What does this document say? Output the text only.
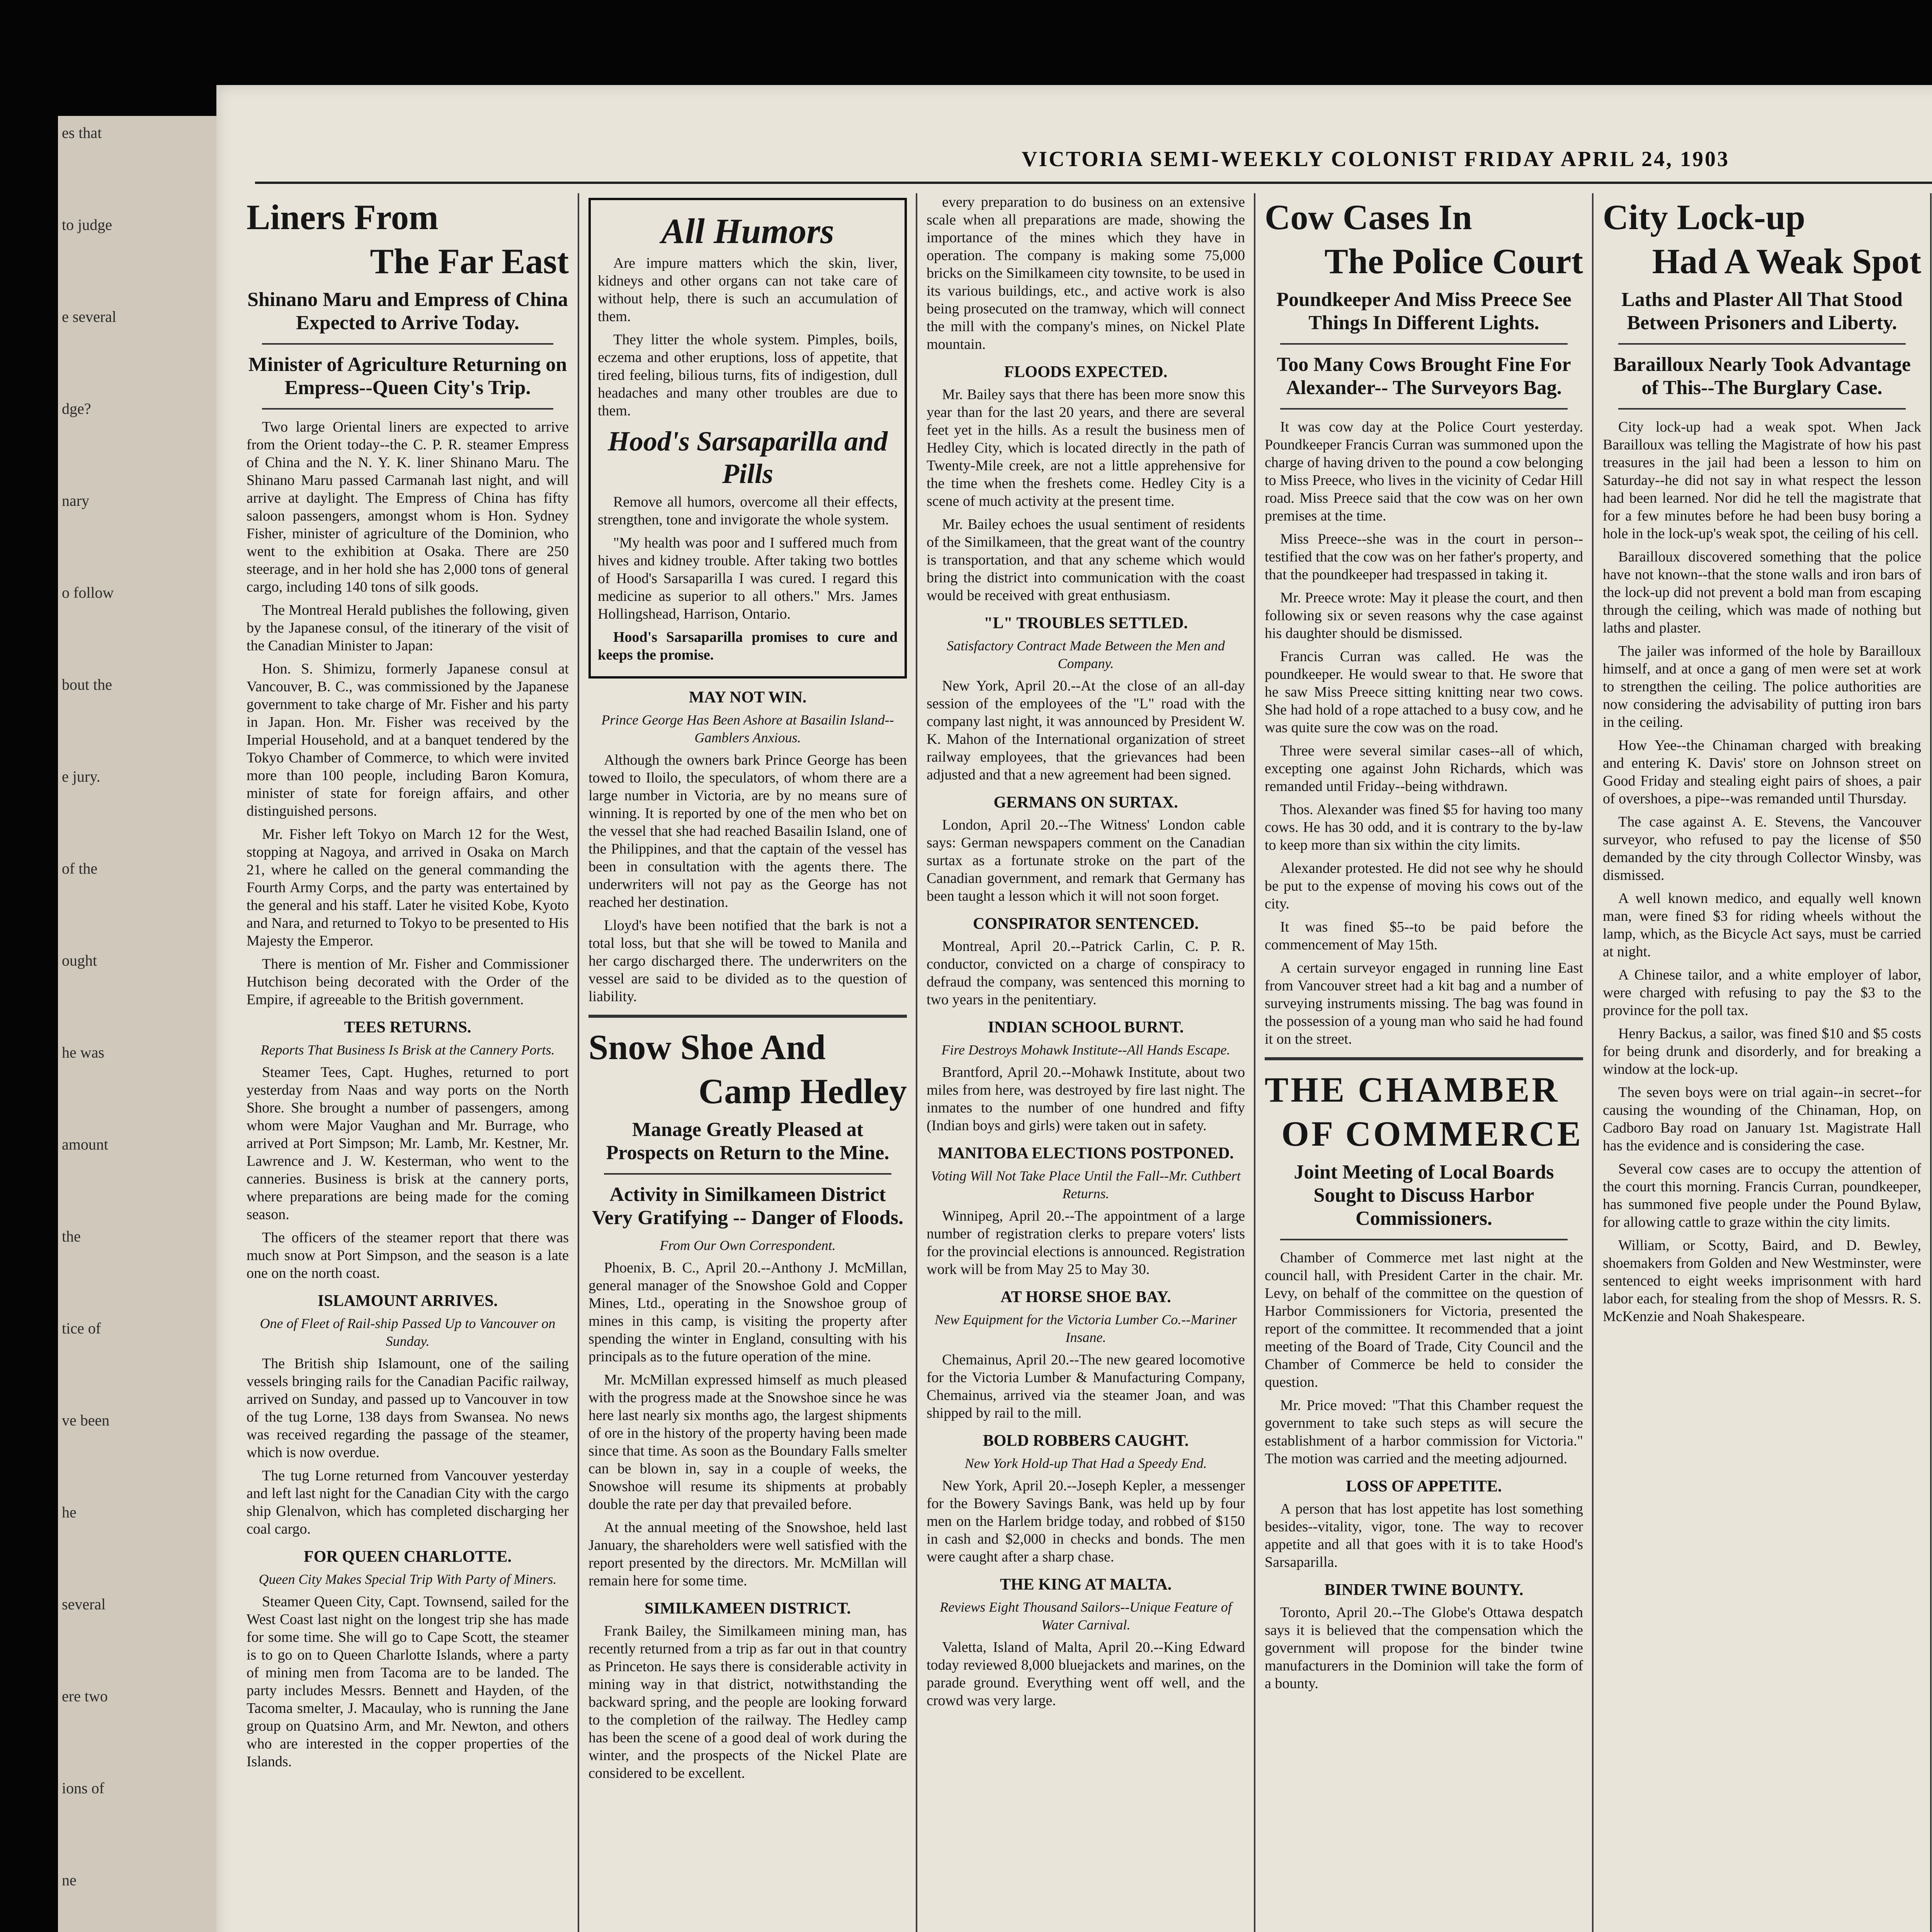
es that
to judge
e several
dge?
nary
o follow
bout the
e jury.
of the
ought
he was
amount
the
tice of
ve been
he
several
ere two
ions of
ne
VICTORIA SEMI-WEEKLY COLONIST FRIDAY APRIL 24, 1903
Liners From
The Far East
Shinano Maru and Empress of China Expected to Arrive Today.
Minister of Agriculture Returning on Empress--Queen City's Trip.

Two large Oriental liners are expected to arrive from the Orient today--the C. P. R. steamer Empress of China and the N. Y. K. liner Shinano Maru. The Shinano Maru passed Carmanah last night, and will arrive at daylight. The Empress of China has fifty saloon passengers, amongst whom is Hon. Sydney Fisher, minister of agriculture of the Dominion, who went to the exhibition at Osaka. There are 250 steerage, and in her hold she has 2,000 tons of general cargo, including 140 tons of silk goods.

The Montreal Herald publishes the following, given by the Japanese consul, of the itinerary of the visit of the Canadian Minister to Japan:

Hon. S. Shimizu, formerly Japanese consul at Vancouver, B. C., was commissioned by the Japanese government to take charge of Mr. Fisher and his party in Japan. Hon. Mr. Fisher was received by the Imperial Household, and at a banquet tendered by the Tokyo Chamber of Commerce, to which were invited more than 100 people, including Baron Komura, minister of state for foreign affairs, and other distinguished persons.

Mr. Fisher left Tokyo on March 12 for the West, stopping at Nagoya, and arrived in Osaka on March 21, where he called on the general commanding the Fourth Army Corps, and the party was entertained by the general and his staff. Later he visited Kobe, Kyoto and Nara, and returned to Tokyo to be presented to His Majesty the Emperor.

There is mention of Mr. Fisher and Commissioner Hutchison being decorated with the Order of the Empire, if agreeable to the British government.

TEES RETURNS.
Reports That Business Is Brisk at the Cannery Ports.

Steamer Tees, Capt. Hughes, returned to port yesterday from Naas and way ports on the North Shore. She brought a number of passengers, among whom were Major Vaughan and Mr. Burrage, who arrived at Port Simpson; Mr. Lamb, Mr. Kestner, Mr. Lawrence and J. W. Kesterman, who went to the canneries. Business is brisk at the cannery ports, where preparations are being made for the coming season.

The officers of the steamer report that there was much snow at Port Simpson, and the season is a late one on the north coast.

ISLAMOUNT ARRIVES.
One of Fleet of Rail-ship Passed Up to Vancouver on Sunday.

The British ship Islamount, one of the sailing vessels bringing rails for the Canadian Pacific railway, arrived on Sunday, and passed up to Vancouver in tow of the tug Lorne, 138 days from Swansea. No news was received regarding the passage of the steamer, which is now overdue.

The tug Lorne returned from Vancouver yesterday and left last night for the Canadian City with the cargo ship Glenalvon, which has completed discharging her coal cargo.

FOR QUEEN CHARLOTTE.
Queen City Makes Special Trip With Party of Miners.

Steamer Queen City, Capt. Townsend, sailed for the West Coast last night on the longest trip she has made for some time. She will go to Cape Scott, the steamer is to go on to Queen Charlotte Islands, where a party of mining men from Tacoma are to be landed. The party includes Messrs. Bennett and Hayden, of the Tacoma smelter, J. Macaulay, who is running the Jane group on Quatsino Arm, and Mr. Newton, and others who are interested in the copper properties of the Islands.

All Humors

Are impure matters which the skin, liver, kidneys and other organs can not take care of without help, there is such an accumulation of them.

They litter the whole system. Pimples, boils, eczema and other eruptions, loss of appetite, that tired feeling, bilious turns, fits of indigestion, dull headaches and many other troubles are due to them.

Hood's Sarsaparilla and Pills

Remove all humors, overcome all their effects, strengthen, tone and invigorate the whole system.

"My health was poor and I suffered much from hives and kidney trouble. After taking two bottles of Hood's Sarsaparilla I was cured. I regard this medicine as superior to all others." Mrs. James Hollingshead, Harrison, Ontario.

Hood's Sarsaparilla promises to cure and keeps the promise.

MAY NOT WIN.
Prince George Has Been Ashore at Basailin Island--Gamblers Anxious.

Although the owners bark Prince George has been towed to Iloilo, the speculators, of whom there are a large number in Victoria, are by no means sure of winning. It is reported by one of the men who bet on the vessel that she had reached Basailin Island, one of the Philippines, and that the captain of the vessel has been in consultation with the agents there. The underwriters will not pay as the George has not reached her destination.

Lloyd's have been notified that the bark is not a total loss, but that she will be towed to Manila and her cargo discharged there. The underwriters on the vessel are said to be divided as to the question of liability.

Snow Shoe And
Camp Hedley
Manage Greatly Pleased at Prospects on Return to the Mine.
Activity in Similkameen District Very Gratifying -- Danger of Floods.
From Our Own Correspondent.

Phoenix, B. C., April 20.--Anthony J. McMillan, general manager of the Snowshoe Gold and Copper Mines, Ltd., operating in the Snowshoe group of mines in this camp, is visiting the property after spending the winter in England, consulting with his principals as to the future operation of the mine.

Mr. McMillan expressed himself as much pleased with the progress made at the Snowshoe since he was here last nearly six months ago, the largest shipments of ore in the history of the property having been made since that time. As soon as the Boundary Falls smelter can be blown in, say in a couple of weeks, the Snowshoe will resume its shipments at probably double the rate per day that prevailed before.

At the annual meeting of the Snowshoe, held last January, the shareholders were well satisfied with the report presented by the directors. Mr. McMillan will remain here for some time.

SIMILKAMEEN DISTRICT.

Frank Bailey, the Similkameen mining man, has recently returned from a trip as far out in that country as Princeton. He says there is considerable activity in mining way in that district, notwithstanding the backward spring, and the people are looking forward to the completion of the railway. The Hedley camp has been the scene of a good deal of work during the winter, and the prospects of the Nickel Plate are considered to be excellent.

every preparation to do business on an extensive scale when all preparations are made, showing the importance of the mines which they have in operation. The company is making some 75,000 bricks on the Similkameen city townsite, to be used in its various buildings, etc., and active work is also being prosecuted on the tramway, which will connect the mill with the company's mines, on Nickel Plate mountain.

FLOODS EXPECTED.

Mr. Bailey says that there has been more snow this year than for the last 20 years, and there are several feet yet in the hills. As a result the business men of Hedley City, which is located directly in the path of Twenty-Mile creek, are not a little apprehensive for the time when the freshets come. Hedley City is a scene of much activity at the present time.

Mr. Bailey echoes the usual sentiment of residents of the Similkameen, that the great want of the country is transportation, and that any scheme which would bring the district into communication with the coast would be received with great enthusiasm.

"L" TROUBLES SETTLED.
Satisfactory Contract Made Between the Men and Company.

New York, April 20.--At the close of an all-day session of the employees of the "L" road with the company last night, it was announced by President W. K. Mahon of the International organization of street railway employees, that the grievances had been adjusted and that a new agreement had been signed.

GERMANS ON SURTAX.

London, April 20.--The Witness' London cable says: German newspapers comment on the Canadian surtax as a fortunate stroke on the part of the Canadian government, and remark that Germany has been taught a lesson which it will not soon forget.

CONSPIRATOR SENTENCED.

Montreal, April 20.--Patrick Carlin, C. P. R. conductor, convicted on a charge of conspiracy to defraud the company, was sentenced this morning to two years in the penitentiary.

INDIAN SCHOOL BURNT.
Fire Destroys Mohawk Institute--All Hands Escape.

Brantford, April 20.--Mohawk Institute, about two miles from here, was destroyed by fire last night. The inmates to the number of one hundred and fifty (Indian boys and girls) were taken out in safety.

MANITOBA ELECTIONS POSTPONED.
Voting Will Not Take Place Until the Fall--Mr. Cuthbert Returns.

Winnipeg, April 20.--The appointment of a large number of registration clerks to prepare voters' lists for the provincial elections is announced. Registration work will be from May 25 to May 30.

AT HORSE SHOE BAY.
New Equipment for the Victoria Lumber Co.--Mariner Insane.

Chemainus, April 20.--The new geared locomotive for the Victoria Lumber & Manufacturing Company, Chemainus, arrived via the steamer Joan, and was shipped by rail to the mill.

BOLD ROBBERS CAUGHT.
New York Hold-up That Had a Speedy End.

New York, April 20.--Joseph Kepler, a messenger for the Bowery Savings Bank, was held up by four men on the Harlem bridge today, and robbed of $150 in cash and $2,000 in checks and bonds. The men were caught after a sharp chase.

THE KING AT MALTA.
Reviews Eight Thousand Sailors--Unique Feature of Water Carnival.

Valetta, Island of Malta, April 20.--King Edward today reviewed 8,000 bluejackets and marines, on the parade ground. Everything went off well, and the crowd was very large.

Cow Cases In
The Police Court
Poundkeeper And Miss Preece See Things In Different Lights.
Too Many Cows Brought Fine For Alexander-- The Surveyors Bag.

It was cow day at the Police Court yesterday. Poundkeeper Francis Curran was summoned upon the charge of having driven to the pound a cow belonging to Miss Preece, who lives in the vicinity of Cedar Hill road. Miss Preece said that the cow was on her own premises at the time.

Miss Preece--she was in the court in person--testified that the cow was on her father's property, and that the poundkeeper had trespassed in taking it.

Mr. Preece wrote: May it please the court, and then following six or seven reasons why the case against his daughter should be dismissed.

Francis Curran was called. He was the poundkeeper. He would swear to that. He swore that he saw Miss Preece sitting knitting near two cows. She had hold of a rope attached to a busy cow, and he was quite sure the cow was on the road.

Three were several similar cases--all of which, excepting one against John Richards, which was remanded until Friday--being withdrawn.

Thos. Alexander was fined $5 for having too many cows. He has 30 odd, and it is contrary to the by-law to keep more than six within the city limits.

Alexander protested. He did not see why he should be put to the expense of moving his cows out of the city.

It was fined $5--to be paid before the commencement of May 15th.

A certain surveyor engaged in running line East from Vancouver street had a kit bag and a number of surveying instruments missing. The bag was found in the possession of a young man who said he had found it on the street.

THE CHAMBER
OF COMMERCE
Joint Meeting of Local Boards Sought to Discuss Harbor Commissioners.

Chamber of Commerce met last night at the council hall, with President Carter in the chair. Mr. Levy, on behalf of the committee on the question of Harbor Commissioners for Victoria, presented the report of the committee. It recommended that a joint meeting of the Board of Trade, City Council and the Chamber of Commerce be held to consider the question.

Mr. Price moved: "That this Chamber request the government to take such steps as will secure the establishment of a harbor commission for Victoria." The motion was carried and the meeting adjourned.

LOSS OF APPETITE.

A person that has lost appetite has lost something besides--vitality, vigor, tone. The way to recover appetite and all that goes with it is to take Hood's Sarsaparilla.

BINDER TWINE BOUNTY.

Toronto, April 20.--The Globe's Ottawa despatch says it is believed that the compensation which the government will propose for the binder twine manufacturers in the Dominion will take the form of a bounty.

City Lock-up
Had A Weak Spot
Laths and Plaster All That Stood Between Prisoners and Liberty.
Barailloux Nearly Took Advantage of This--The Burglary Case.

City lock-up had a weak spot. When Jack Barailloux was telling the Magistrate of how his past treasures in the jail had been a lesson to him on Saturday--he did not say in what respect the lesson had been learned. Nor did he tell the magistrate that for a few minutes before he had been busy boring a hole in the lock-up's weak spot, the ceiling of his cell.

Barailloux discovered something that the police have not known--that the stone walls and iron bars of the lock-up did not prevent a bold man from escaping through the ceiling, which was made of nothing but laths and plaster.

The jailer was informed of the hole by Barailloux himself, and at once a gang of men were set at work to strengthen the ceiling. The police authorities are now considering the advisability of putting iron bars in the ceiling.

How Yee--the Chinaman charged with breaking and entering K. Davis' store on Johnson street on Good Friday and stealing eight pairs of shoes, a pair of overshoes, a pipe--was remanded until Thursday.

The case against A. E. Stevens, the Vancouver surveyor, who refused to pay the license of $50 demanded by the city through Collector Winsby, was dismissed.

A well known medico, and equally well known man, were fined $3 for riding wheels without the lamp, which, as the Bicycle Act says, must be carried at night.

A Chinese tailor, and a white employer of labor, were charged with refusing to pay the $3 to the province for the poll tax.

Henry Backus, a sailor, was fined $10 and $5 costs for being drunk and disorderly, and for breaking a window at the lock-up.

The seven boys were on trial again--in secret--for causing the wounding of the Chinaman, Hop, on Cadboro Bay road on January 1st. Magistrate Hall has the evidence and is considering the case.

Several cow cases are to occupy the attention of the court this morning. Francis Curran, poundkeeper, has summoned five people under the Pound Bylaw, for allowing cattle to graze within the city limits.

William, or Scotty, Baird, and D. Bewley, shoemakers from Golden and New Westminster, were sentenced to eight weeks imprisonment with hard labor each, for stealing from the shop of Messrs. R. S. McKenzie and Noah Shakespeare.
